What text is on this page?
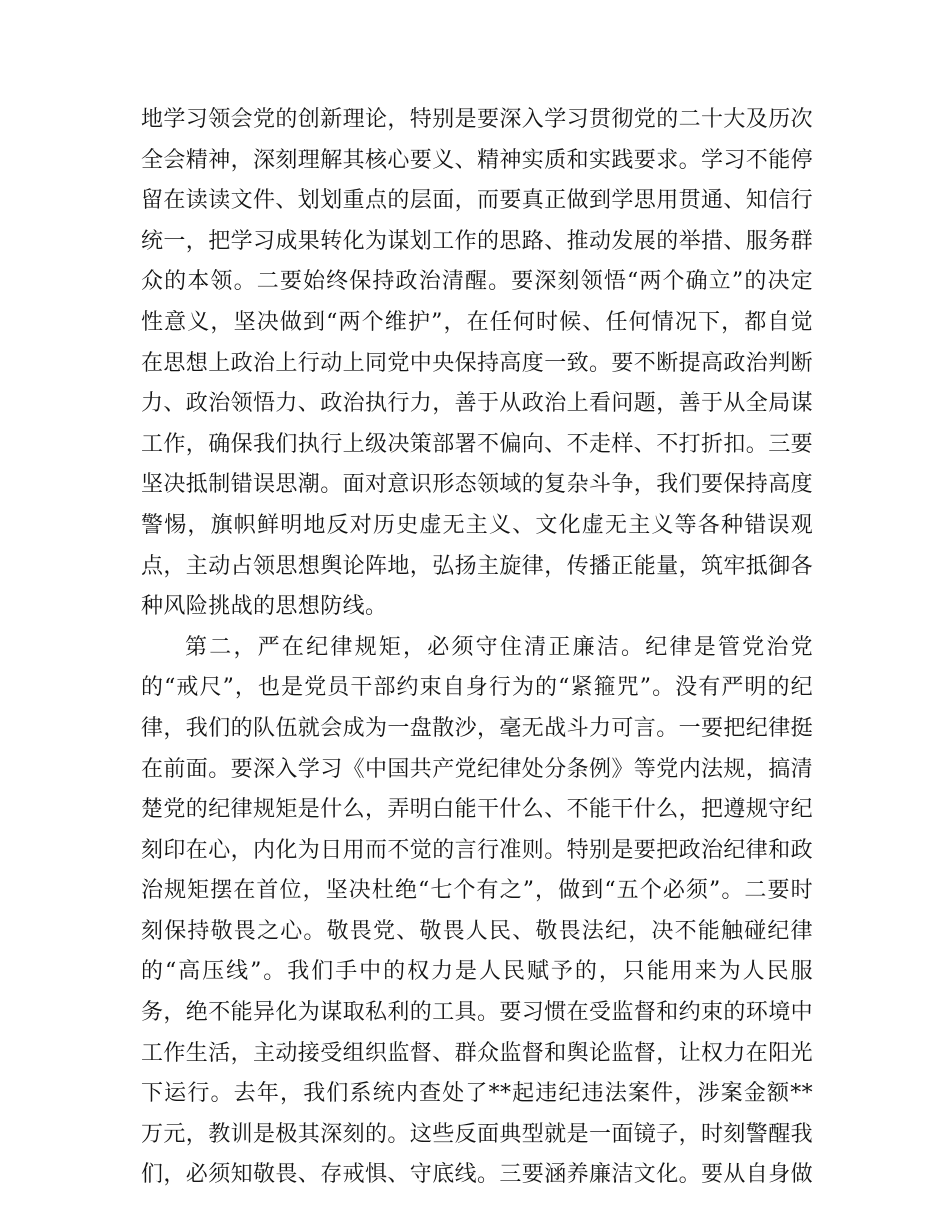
地学习领会党的创新理论，特别是要深入学习贯彻党的二十大及历次全会精神，深刻理解其核心要义、精神实质和实践要求。学习不能停留在读读文件、划划重点的层面，而要真正做到学思用贯通、知信行统一，把学习成果转化为谋划工作的思路、推动发展的举措、服务群众的本领。二要始终保持政治清醒。要深刻领悟“两个确立”的决定性意义，坚决做到“两个维护”，在任何时候、任何情况下，都自觉在思想上政治上行动上同党中央保持高度一致。要不断提高政治判断力、政治领悟力、政治执行力，善于从政治上看问题，善于从全局谋工作，确保我们执行上级决策部署不偏向、不走样、不打折扣。三要坚决抵制错误思潮。面对意识形态领域的复杂斗争，我们要保持高度警惕，旗帜鲜明地反对历史虚无主义、文化虚无主义等各种错误观点，主动占领思想舆论阵地，弘扬主旋律，传播正能量，筑牢抵御各种风险挑战的思想防线。

第二，严在纪律规矩，必须守住清正廉洁。纪律是管党治党的“戒尺”，也是党员干部约束自身行为的“紧箍咒”。没有严明的纪律，我们的队伍就会成为一盘散沙，毫无战斗力可言。一要把纪律挺在前面。要深入学习《中国共产党纪律处分条例》等党内法规，搞清楚党的纪律规矩是什么，弄明白能干什么、不能干什么，把遵规守纪刻印在心，内化为日用而不觉的言行准则。特别是要把政治纪律和政治规矩摆在首位，坚决杜绝“七个有之”，做到“五个必须”。二要时刻保持敬畏之心。敬畏党、敬畏人民、敬畏法纪，决不能触碰纪律的“高压线”。我们手中的权力是人民赋予的，只能用来为人民服务，绝不能异化为谋取私利的工具。要习惯在受监督和约束的环境中工作生活，主动接受组织监督、群众监督和舆论监督，让权力在阳光下运行。去年，我们系统内查处了**起违纪违法案件，涉案金额**万元，教训是极其深刻的。这些反面典型就是一面镜子，时刻警醒我们，必须知敬畏、存戒惧、守底线。三要涵养廉洁文化。要从自身做
